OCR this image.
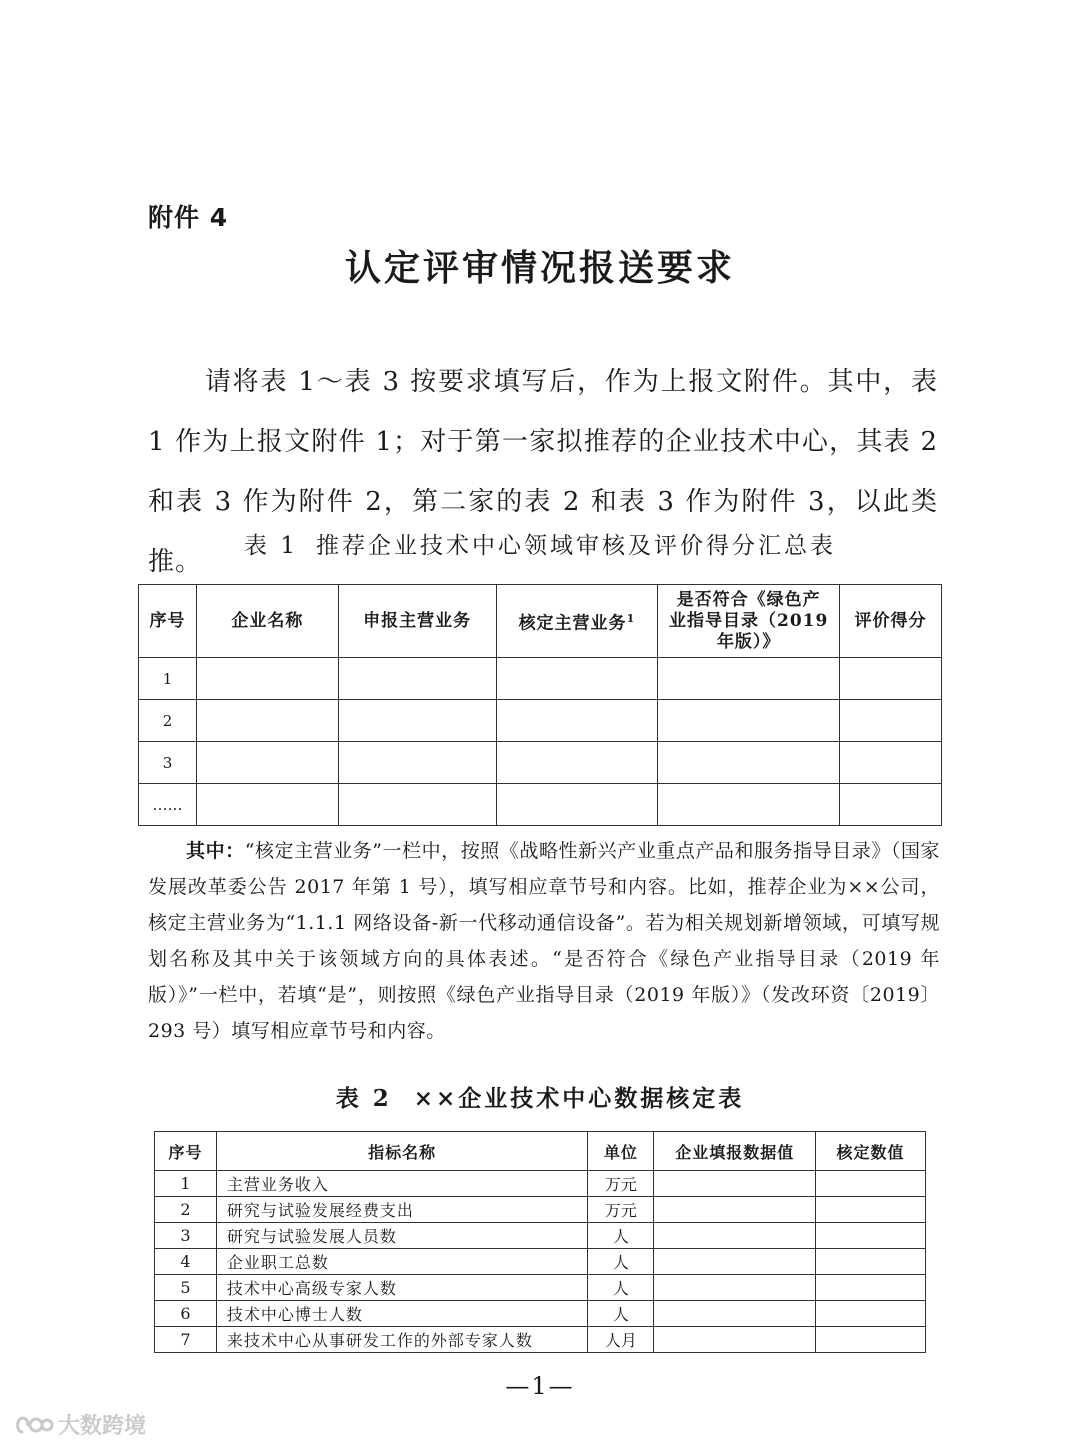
附件 4
认定评审情况报送要求
请将表 1～表 3 按要求填写后，作为上报文附件。其中，表 1 作为上报文附件 1；对于第一家拟推荐的企业技术中心，其表 2 和表 3 作为附件 2，第二家的表 2 和表 3 作为附件 3，以此类推。
表 1 推荐企业技术中心领域审核及评价得分汇总表
序号	企业名称	申报主营业务	核定主营业务$^1$	是否符合《绿色产
业指导目录（2019
年版）》	评价得分
1					
2					
3					
……					
其中：“核定主营业务”一栏中，按照《战略性新兴产业重点产品和服务指导目录》（国家发展改革委公告 2017 年第 1 号），填写相应章节号和内容。比如，推荐企业为××公司，核定主营业务为“1.1.1 网络设备-新一代移动通信设备”。若为相关规划新增领域，可填写规划名称及其中关于该领域方向的具体表述。“是否符合《绿色产业指导目录（2019 年版）》”一栏中，若填“是”，则按照《绿色产业指导目录（2019 年版）》（发改环资〔2019〕293 号）填写相应章节号和内容。
表 2 ××企业技术中心数据核定表
序号	指标名称	单位	企业填报数据值	核定数值
1	主营业务收入	万元		
2	研究与试验发展经费支出	万元		
3	研究与试验发展人员数	人		
4	企业职工总数	人		
5	技术中心高级专家人数	人		
6	技术中心博士人数	人		
7	来技术中心从事研发工作的外部专家人数	人月		
—1—
大数跨境
